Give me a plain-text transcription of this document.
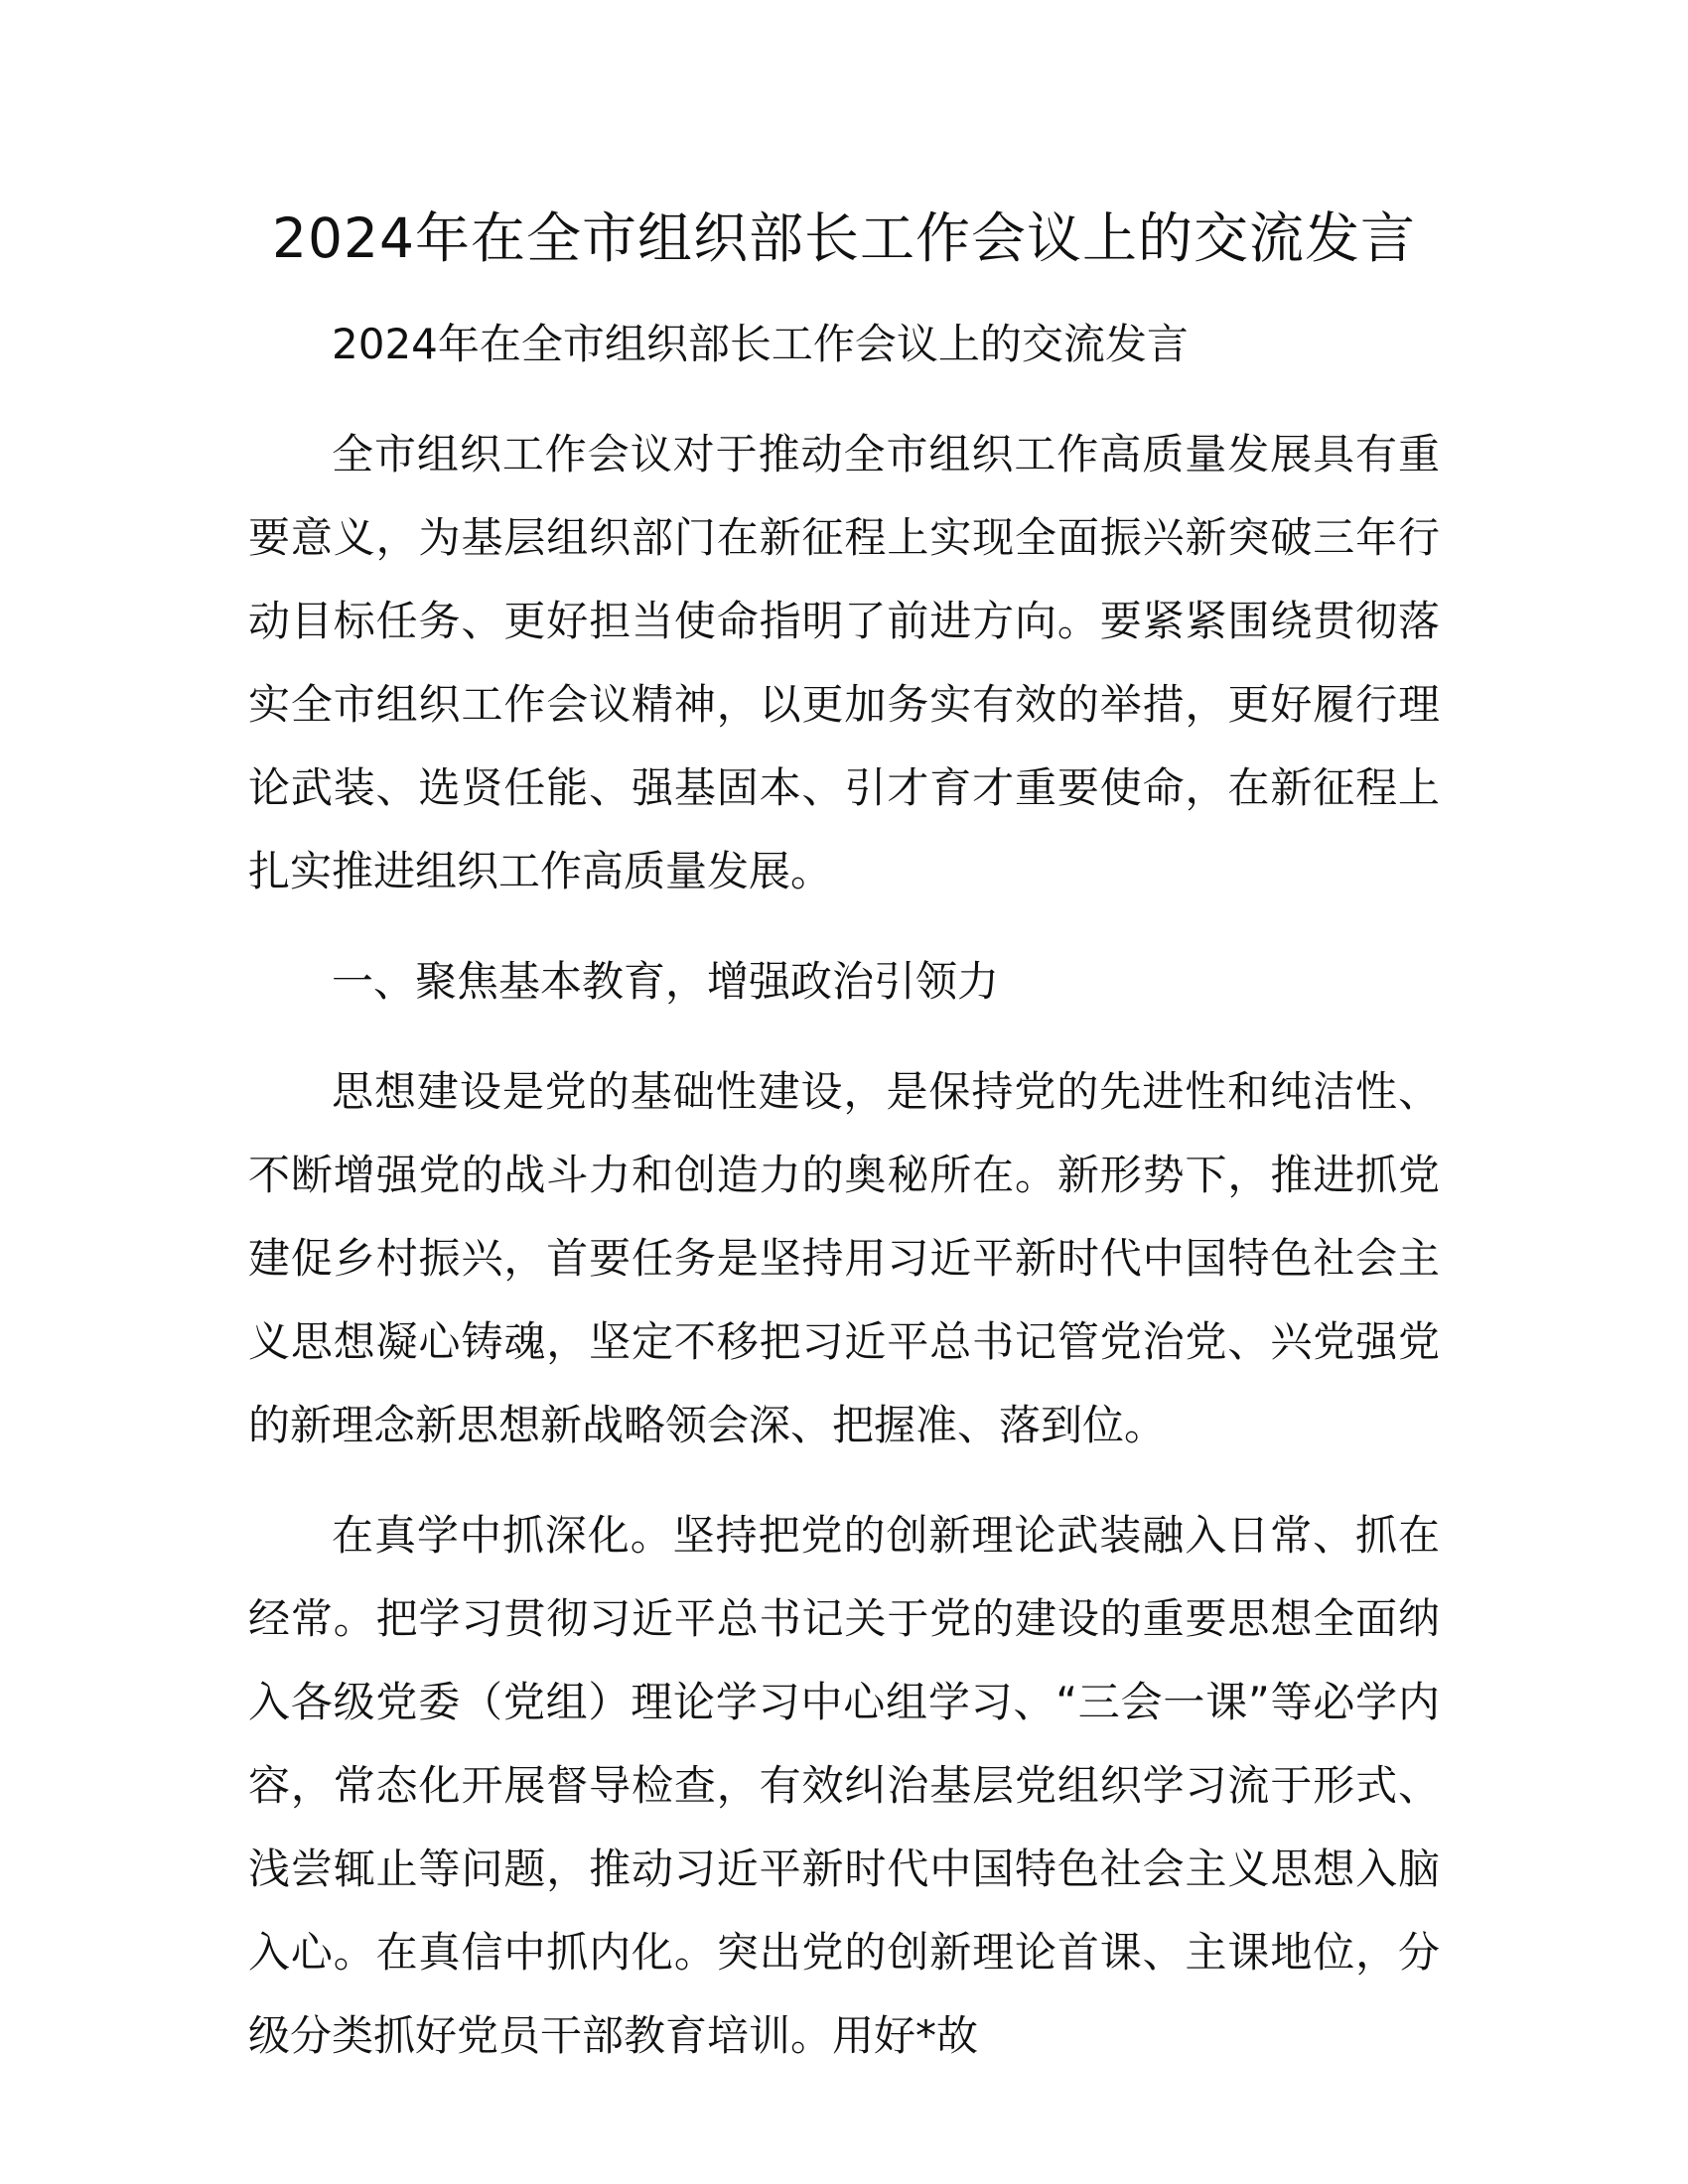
2024年在全市组织部长工作会议上的交流发言

2024年在全市组织部长工作会议上的交流发言

全市组织工作会议对于推动全市组织工作高质量发展具有重要意义，为基层组织部门在新征程上实现全面振兴新突破三年行动目标任务、更好担当使命指明了前进方向。要紧紧围绕贯彻落实全市组织工作会议精神，以更加务实有效的举措，更好履行理论武装、选贤任能、强基固本、引才育才重要使命，在新征程上扎实推进组织工作高质量发展。

一、聚焦基本教育，增强政治引领力

思想建设是党的基础性建设，是保持党的先进性和纯洁性、不断增强党的战斗力和创造力的奥秘所在。新形势下，推进抓党建促乡村振兴，首要任务是坚持用习近平新时代中国特色社会主义思想凝心铸魂，坚定不移把习近平总书记管党治党、兴党强党的新理念新思想新战略领会深、把握准、落到位。

在真学中抓深化。坚持把党的创新理论武装融入日常、抓在经常。把学习贯彻习近平总书记关于党的建设的重要思想全面纳入各级党委（党组）理论学习中心组学习、“三会一课”等必学内容，常态化开展督导检查，有效纠治基层党组织学习流于形式、浅尝辄止等问题，推动习近平新时代中国特色社会主义思想入脑入心。在真信中抓内化。突出党的创新理论首课、主课地位，分级分类抓好党员干部教育培训。用好*故
